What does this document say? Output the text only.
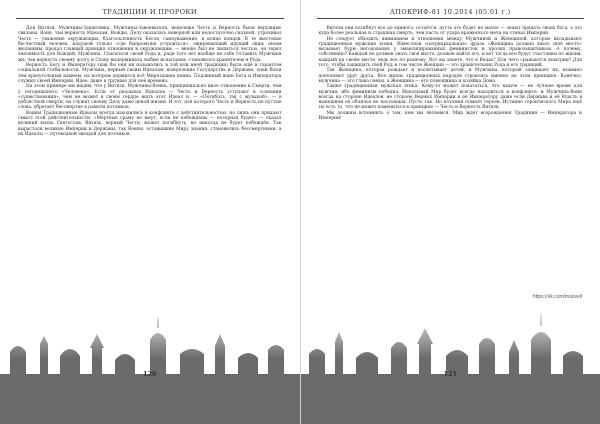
ТРАДИЦИИ И ПРОРОКИ

Для Витязя, Мужчины-Защитника, Мужчины-Завоевателя, недележе Честь и Верность были нерушимо связаны. Воин, чьи верность Идеалам, Вождю, Делу оказалась неверной или недостаточно сильной, утрачивал Честь — уважение окружающих, благосклонность Богов, самоуважение, в конце концов. В те жестокие бесчестный человек, надушой только «где быпромуше устроиться», ожиревающий идущий лишь своим желаниям, предал главный принцип отношения к окружающим, — внеше был не лишаться честью, он терял значимость для Вождей, Мужчина, Спасителя своей Рода и, ради того нет вообще не себе Оставить Мужчина же, чья верность своему долгу и Слову выдерживала любые испытания, становился хранителем и Рода.

Верность Богу и Императору (как бы они ни назывались в той или иной традиции) была ещё и гарантом социальной стабильности. Мужчина, верный своим Идеалам, вожделение Государства и Державе, одни были тем краеугольным камнем, на котором держится всё Мироздание воина. Подлинный воин Бога и Императора служил своей Империи, Идее, даже в трудные для неё времена.

На этом примере мы видим, что у Витязя, Мужчины-Воина, принципиально иное отношение к Смерти, чем у сегодняшнего «Человека». Если от реальных Идеалов — Честь и Верность уступают в сознании «существования», чем не может в своём сердце жить этот Идеал и, — «Погибать, так с музыкой», — в доблестной смерти, он служит своему Делу даже ценой жизни. И тот, для которого Честь и Верность не пустые слова, обретает бессмертие в памяти потомков.

Воины Традиционные Идеалы всегда находились в конфликте с действительностью, но лишь они придают смысл этой действительности. «Мёртвые сраму не имут, если не побеждены — позорная будет» — сказал великий князь Святослав. Витязь, верный Чести, может погибнуть, но никогда не будет побеждён. Так вырастали великие Империи и Державы, так Воины, оставившие Миру знания, становились бессмертными, а их Идеалы — путеводной звездой для потомков.

120
АПОКРИФ-81 10.2014 (05.01 г.)

Витязи они погибнут все до единого: остаётся, пусть это будет не малое — знают предать своих бога, а это куда более реальная и страшная смерть, чем пасть от удара вражеского меча на стенах Империи.

Не следует обходить вниманием и отношения между Мужчиной и Женщиной, которые вкладывают традиционные мужские этики. Известная «патриархальная» фраза «Женщина должна знать своё место» вызывает бурю негодования у эмансипированных феминисток и прочих правозащитников. А почему, собственно? Каждый не должен знать своё место, должен найти его, и вот тогда все будут счастливы по жизни, каждый на своём месте, ведь все по-разному. Вот вы знаете, что в Ведах? Для чего сражаются кшатрии? Для того, чтобы защищать свой Род, в том числе Женщин — это хранительниц Рода и его традиций.

Так Женщина, которая рождает и воспитывает детей, и Мужчина, который защищает их, взаимно дополняют друг друга. Вся жизнь традиционных народов строилась именно на этом принципе. Конечно, мужчина — это глава семьи, а Женщина — его помощница и хозяйка Дома.

Также традиционная мужская этика. Кому-то может показаться, что нынче — не лучшее время для мужчин, ибо феминизм победил. Идеальный Мир будет всегда находиться в конфликте, и Мужчина-Воин всегда на стороне Идеалов, не стороне Верных Империи и её Императору даже если Держава и её Власть в нынешнем её обличье не настоящая. Пусть так. Но потомки помнят героев. Истинно героического Мира ещё ты есть то, что не может измениться в принципе — Честь и Верность Витязя.

Мы должны вспомнить о том, кем мы являемся. Мир ждёт возрождения Традиции — Императора и Империи!

https://vk.com/maxvell
121
